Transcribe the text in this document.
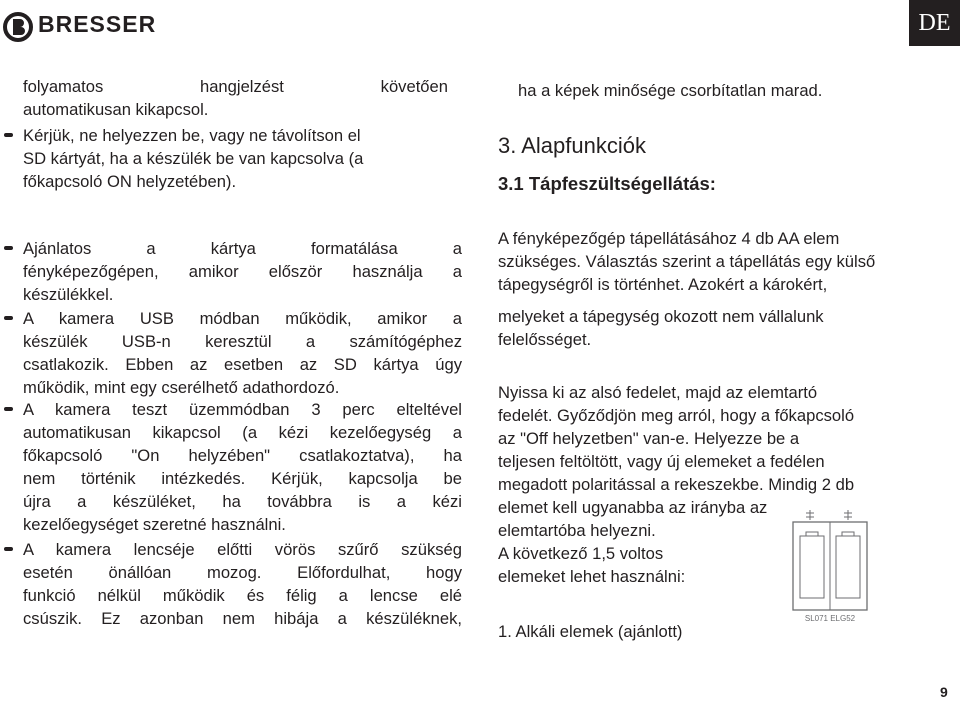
BRESSER	DE
folyamatos	hangjelzést	követően
automatikusan kikapcsol.
Kérjük, ne helyezzen be, vagy ne távolítson el
SD kártyát, ha a készülék be van kapcsolva (a
főkapcsoló ON helyzetében).
Ajánlatos a kártya formatálása a
fényképezőgépen, amikor először használja a
készülékkel.
A kamera USB módban működik, amikor a
készülék USB-n keresztül a számítógéphez
csatlakozik. Ebben az esetben az SD kártya úgy
működik, mint egy cserélhető adathordozó.
A kamera teszt üzemmódban 3 perc elteltével
automatikusan kikapcsol (a kézi kezelőegység a
főkapcsoló "On helyzében" csatlakoztatva), ha
nem történik intézkedés. Kérjük, kapcsolja be
újra a készüléket, ha továbbra is a kézi
kezelőegységet szeretné használni.
A kamera lencséje előtti vörös szűrő szükség
esetén önállóan mozog. Előfordulhat, hogy
funkció nélkül működik és félig a lencse elé
csúszik. Ez azonban nem hibája a készüléknek,
ha a képek minősége csorbítatlan marad.
3. Alapfunkciók
3.1 Tápfeszültségellátás:
A fényképezőgép tápellátásához 4 db AA elem
szükséges. Választás szerint a tápellátás egy külső
tápegységről is történhet. Azokért a károkért,
melyeket a tápegység okozott nem vállalunk
felelősséget.
Nyissa ki az alsó fedelet, majd az elemtartó
fedelét. Győződjön meg arról, hogy a főkapcsoló
az "Off helyzetben" van-e. Helyezze be a
teljesen feltöltött, vagy új elemeket a fedélen
megadott polaritással a rekeszekbe. Mindig 2 db
elemet kell ugyanabba az irányba az
elemtartóba helyezni.
A következő 1,5 voltos
elemeket lehet használni:
1. Alkáli elemek (ajánlott)
SL071 ELG52
9
